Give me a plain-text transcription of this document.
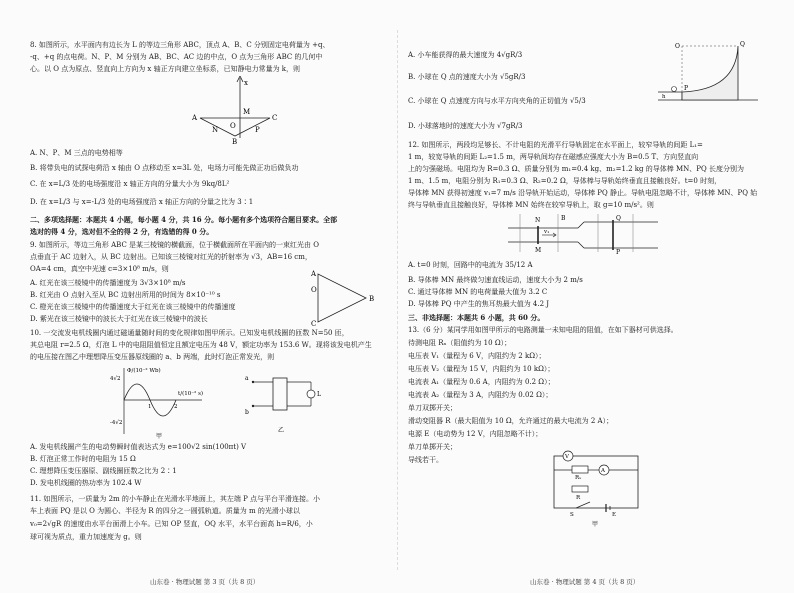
8. 如图所示，水平面内有边长为 L 的等边三角形 ABC，顶点 A、B、C 分别固定电荷量为 +q、
-q、+q 的点电荷。N、P、M 分别为 AB、BC、AC 边的中点，O 点为三角形 ABC 的几何中
心。以 O 点为原点、竖直向上方向为 x 轴正方向建立坐标系，已知静电力常量为 k，则
x
A	C
B
M
N	P
O
A. N、P、M 三点的电势相等
B. 将带负电的试探电荷沿 x 轴由 O 点移动至 x=3L 处，电场力可能先做正功后做负功
C. 在 x=L/3 处的电场强度沿 x 轴正方向的分量大小为 9kq/8L²
D. 在 x=L/3 与 x=-L/3 处的电场强度沿 x 轴正方向的分量之比为 3∶1
二、多项选择题：本题共 4 小题，每小题 4 分，共 16 分。每小题有多个选项符合题目要求。全部
选对的得 4 分，选对但不全的得 2 分，有选错的得 0 分。
9. 如图所示，等边三角形 ABC 是某三棱镜的横截面，位于横截面所在平面内的一束红光由 O
点垂直于 AC 边射入，从 BC 边射出。已知该三棱镜对红光的折射率为 √3，AB=16 cm，
OA=4 cm，真空中光速 c=3×10⁸ m/s，则
A. 红光在该三棱镜中的传播速度为 3√3×10⁸ m/s
B. 红光由 O 点射入至从 BC 边射出所用的时间为 8×10⁻¹⁰ s
C. 橙光在该三棱镜中的传播速度大于红光在该三棱镜中的传播速度
D. 紫光在该三棱镜中的波长大于红光在该三棱镜中的波长
A
B
C
O
10. 一交流发电机线圈内通过磁通量随时间的变化规律如图甲所示。已知发电机线圈的匝数 N=50 匝，
其总电阻 r=2.5 Ω，灯泡 L 中的电阻阻值恒定且额定电压为 48 V，额定功率为 153.6 W。现将该发电机产生
的电压接在图乙中理想降压变压器原线圈的 a、b 两端，此时灯泡正常发光，则
Φ/(10⁻² Wb)
4√2
-4√2
1	2
t/(10⁻² s)
甲
a
b
L
乙
A. 发电机线圈产生的电动势瞬时值表达式为 e=100√2 sin(100πt) V
B. 灯泡正常工作时的电阻为 15 Ω
C. 理想降压变压器原、副线圈匝数之比为 2∶1
D. 发电机线圈的热功率为 102.4 W
11. 如图所示，一质量为 2m 的小车静止在光滑水平地面上，其左端 P 点与平台平滑连接。小
车上表面 PQ 是以 O 为圆心、半径为 R 的四分之一圆弧轨道。质量为 m 的光滑小球以
v₀=2√gR 的速度由水平台面滑上小车。已知 OP 竖直，OQ 水平，水平台面高 h=R/6，小
球可视为质点，重力加速度为 g。则
山东卷 · 物理试题 第 3 页（共 8 页）
A. 小车能获得的最大速度为 4√gR/3
B. 小球在 Q 点的速度大小为 √5gR/3
C. 小球在 Q 点速度方向与水平方向夹角的正切值为 √5/3
D. 小球落地时的速度大小为 √7gR/3
O	Q
P
h
12. 如图所示，两段均足够长、不计电阻的光滑平行导轨固定在水平面上，较窄导轨的间距 L₁=
1 m，较宽导轨的间距 L₂=1.5 m，两导轨间均存在磁感应强度大小为 B=0.5 T、方向竖直向
上的匀强磁场。电阻均为 R=0.3 Ω、质量分别为 m₁=0.4 kg、m₂=1.2 kg 的导体棒 MN、PQ 长度分别为
1 m、1.5 m，电阻分别为 R₁=0.3 Ω、R₂=0.2 Ω，导体棒与导轨始终垂直且接触良好。t=0 时刻，
导体棒 MN 获得初速度 v₁=7 m/s 沿导轨开始运动，导体棒 PQ 静止。导轨电阻忽略不计，导体棒 MN、PQ 始
终与导轨垂直且接触良好，导体棒 MN 始终在较窄导轨上，取 g=10 m/s²。则
N
M
Q
P
B
v₁
A. t=0 时刻，回路中的电流为 35/12 A
B. 导体棒 MN 最终做匀速直线运动，速度大小为 2 m/s
C. 通过导体棒 MN 的电荷量最大值为 3.2 C
D. 导体棒 PQ 中产生的焦耳热最大值为 4.2 J
三、非选择题：本题共 6 小题，共 60 分。
13.（6 分）某同学用如图甲所示的电路测量一未知电阻的阻值，在如下器材可供选择。
待测电阻 Rₓ（阻值约为 10 Ω）；
电压表 V₁（量程为 6 V，内阻约为 2 kΩ）；
电压表 V₂（量程为 15 V，内阻约为 10 kΩ）；
电流表 A₁（量程为 0.6 A，内阻约为 0.2 Ω）；
电流表 A₂（量程为 3 A，内阻约为 0.02 Ω）；
单刀双掷开关；
滑动变阻器 R（最大阻值为 10 Ω，允许通过的最大电流为 2 A）；
电源 E（电动势为 12 V，内阻忽略不计）；
单刀单掷开关；
导线若干。	V
A
Rₓ
R
E
S
甲
山东卷 · 物理试题 第 4 页（共 8 页）
